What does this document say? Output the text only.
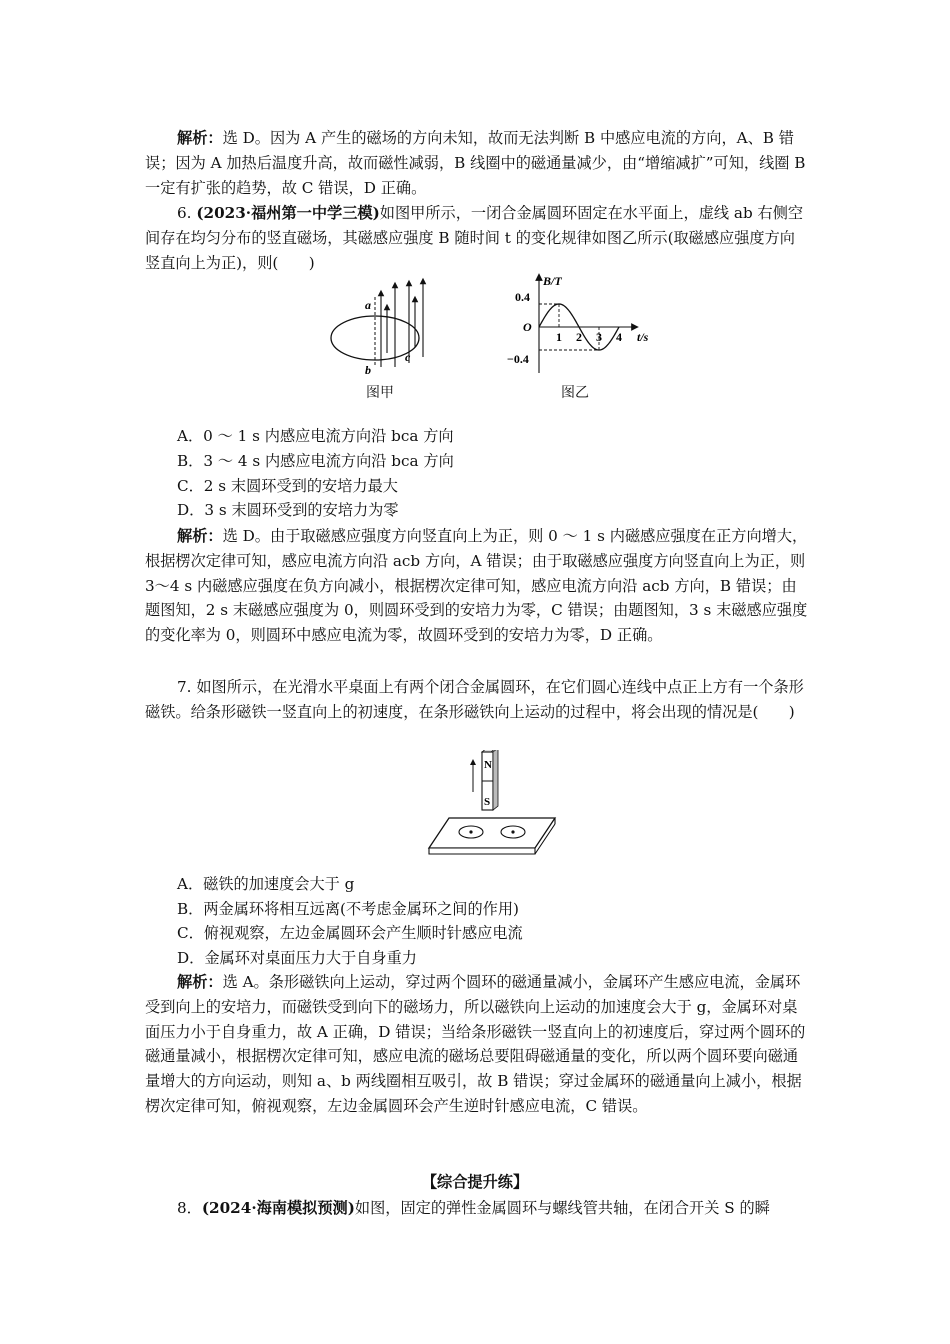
解析：选 D。因为 A 产生的磁场的方向未知，故而无法判断 B 中感应电流的方向，A、B 错误；因为 A 加热后温度升高，故而磁性减弱，B 线圈中的磁通量减少，由“增缩减扩”可知，线圈 B 一定有扩张的趋势，故 C 错误，D 正确。

6. (2023·福州第一中学三模)如图甲所示，一闭合金属圆环固定在水平面上，虚线 ab 右侧空间存在均匀分布的竖直磁场，其磁感应强度 B 随时间 t 的变化规律如图乙所示(取磁感应强度方向竖直向上为正)，则(　　)

a
b
c
图甲
B/T
t/s
O
0.4
−0.4
1 2 3 4
图乙

A．0 ～ 1 s 内感应电流方向沿 bca 方向

B．3 ～ 4 s 内感应电流方向沿 bca 方向

C．2 s 末圆环受到的安培力最大

D．3 s 末圆环受到的安培力为零

解析：选 D。由于取磁感应强度方向竖直向上为正，则 0 ～ 1 s 内磁感应强度在正方向增大，根据楞次定律可知，感应电流方向沿 acb 方向，A 错误；由于取磁感应强度方向竖直向上为正，则 3～4 s 内磁感应强度在负方向减小，根据楞次定律可知，感应电流方向沿 acb 方向，B 错误；由题图知，2 s 末磁感应强度为 0，则圆环受到的安培力为零，C 错误；由题图知，3 s 末磁感应强度的变化率为 0，则圆环中感应电流为零，故圆环受到的安培力为零，D 正确。

7. 如图所示，在光滑水平桌面上有两个闭合金属圆环，在它们圆心连线中点正上方有一个条形磁铁。给条形磁铁一竖直向上的初速度，在条形磁铁向上运动的过程中，将会出现的情况是(　　)

N
S

A．磁铁的加速度会大于 g

B．两金属环将相互远离(不考虑金属环之间的作用)

C．俯视观察，左边金属圆环会产生顺时针感应电流

D．金属环对桌面压力大于自身重力

解析：选 A。条形磁铁向上运动，穿过两个圆环的磁通量减小，金属环产生感应电流，金属环受到向上的安培力，而磁铁受到向下的磁场力，所以磁铁向上运动的加速度会大于 g，金属环对桌面压力小于自身重力，故 A 正确，D 错误；当给条形磁铁一竖直向上的初速度后，穿过两个圆环的磁通量减小，根据楞次定律可知，感应电流的磁场总要阻碍磁通量的变化，所以两个圆环要向磁通量增大的方向运动，则知 a、b 两线圈相互吸引，故 B 错误；穿过金属环的磁通量向上减小，根据楞次定律可知，俯视观察，左边金属圆环会产生逆时针感应电流，C 错误。

【综合提升练】

8．(2024·海南模拟预测)如图，固定的弹性金属圆环与螺线管共轴，在闭合开关 S 的瞬
